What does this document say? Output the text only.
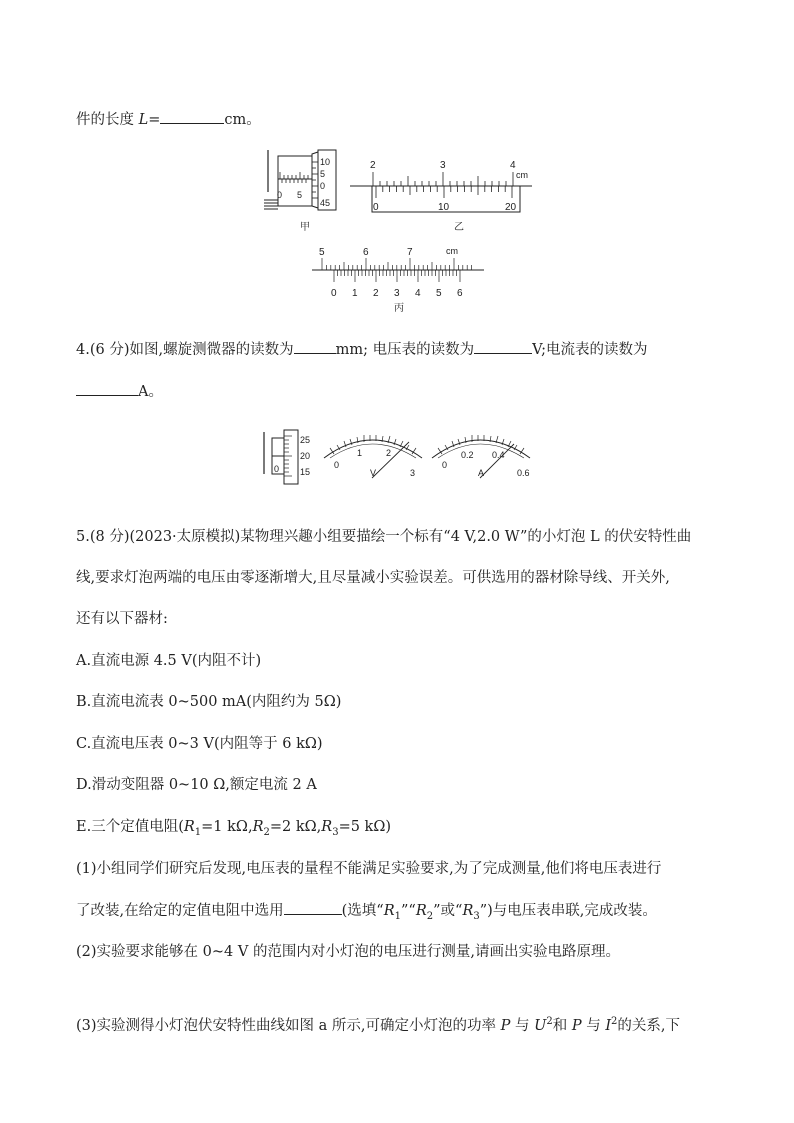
件的长度 L=	cm。
0 5
10
5
0
45
甲
2	3	4
cm
0	10	20
乙
5	6	7	cm
0 1 2 3 4 5 6
丙
4.(6 分)如图,螺旋测微器的读数为	mm; 电压表的读数为	V;电流表的读数为
A。
0
25
20
15
0
1	2
3
V
0
0.2 0.4
0.6
A
5.(8 分)(2023·太原模拟)某物理兴趣小组要描绘一个标有“4 V,2.0 W”的小灯泡 L 的伏安特性曲
线,要求灯泡两端的电压由零逐渐增大,且尽量减小实验误差。可供选用的器材除导线、开关外,
还有以下器材:
A.直流电源 4.5 V(内阻不计)
B.直流电流表 0~500 mA(内阻约为 5Ω)
C.直流电压表 0~3 V(内阻等于 6 kΩ)
D.滑动变阻器 0~10 Ω,额定电流 2 A
E.三个定值电阻($R_1=1$ $k\Omega,R_2=2$ $k\Omega,R_3=5$ kΩ)
(1)小组同学们研究后发现,电压表的量程不能满足实验要求,为了完成测量,他们将电压表进行
了改装,在给定的定值电阻中选用	(选填“$R_1”“R_2$”或“$R_3$”)与电压表串联,完成改装。
(2)实验要求能够在 0~4 V 的范围内对小灯泡的电压进行测量,请画出实验电路原理。
(3)实验测得小灯泡伏安特性曲线如图 a 所示,可确定小灯泡的功率 P 与 $U^2$和 P 与 $I^2$的关系,下
